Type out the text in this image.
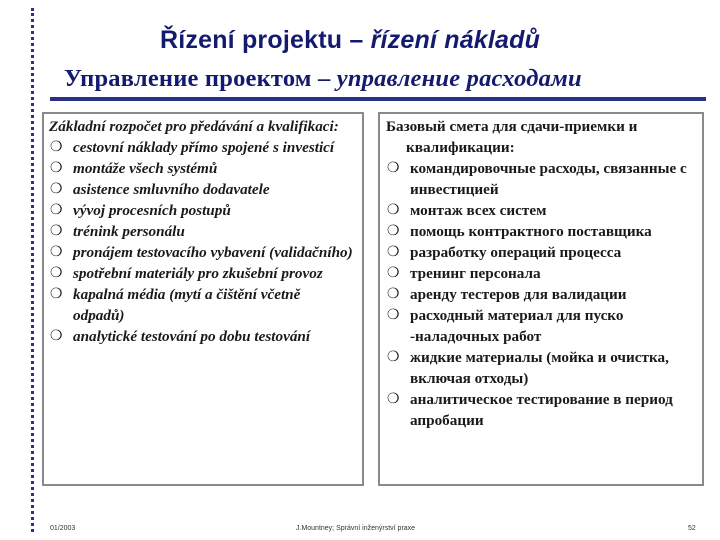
Řízení projektu – řízení nákladů
Управление проектом – управление расходами
Základní rozpočet pro předávání a kvalifikaci:
❍ cestovní náklady přímo spojené s investicí
❍ montáže všech systémů
❍ asistence smluvního dodavatele
❍ vývoj procesních postupů
❍ trénink personálu
❍ pronájem testovacího vybavení (validačního)
❍ spotřební materiály pro zkušební provoz
❍ kapalná média (mytí a čištění včetně odpadů)
❍ analytické testování po dobu testování
Базовый смета для сдачи-приемки и квалификации:
❍ командировочные расходы, связанные с инвестицией
❍ монтаж всех систем
❍ помощь контрактного поставщика
❍ разработку операций процесса
❍ тренинг персонала
❍ аренду тестеров для валидации
❍ расходный материал для пуско -наладочных работ
❍ жидкие материалы (мойка и очистка, включая отходы)
❍ аналитическое тестирование в период апробации
01/2003	J.Mountney; Správní inženýrství praxe	52
